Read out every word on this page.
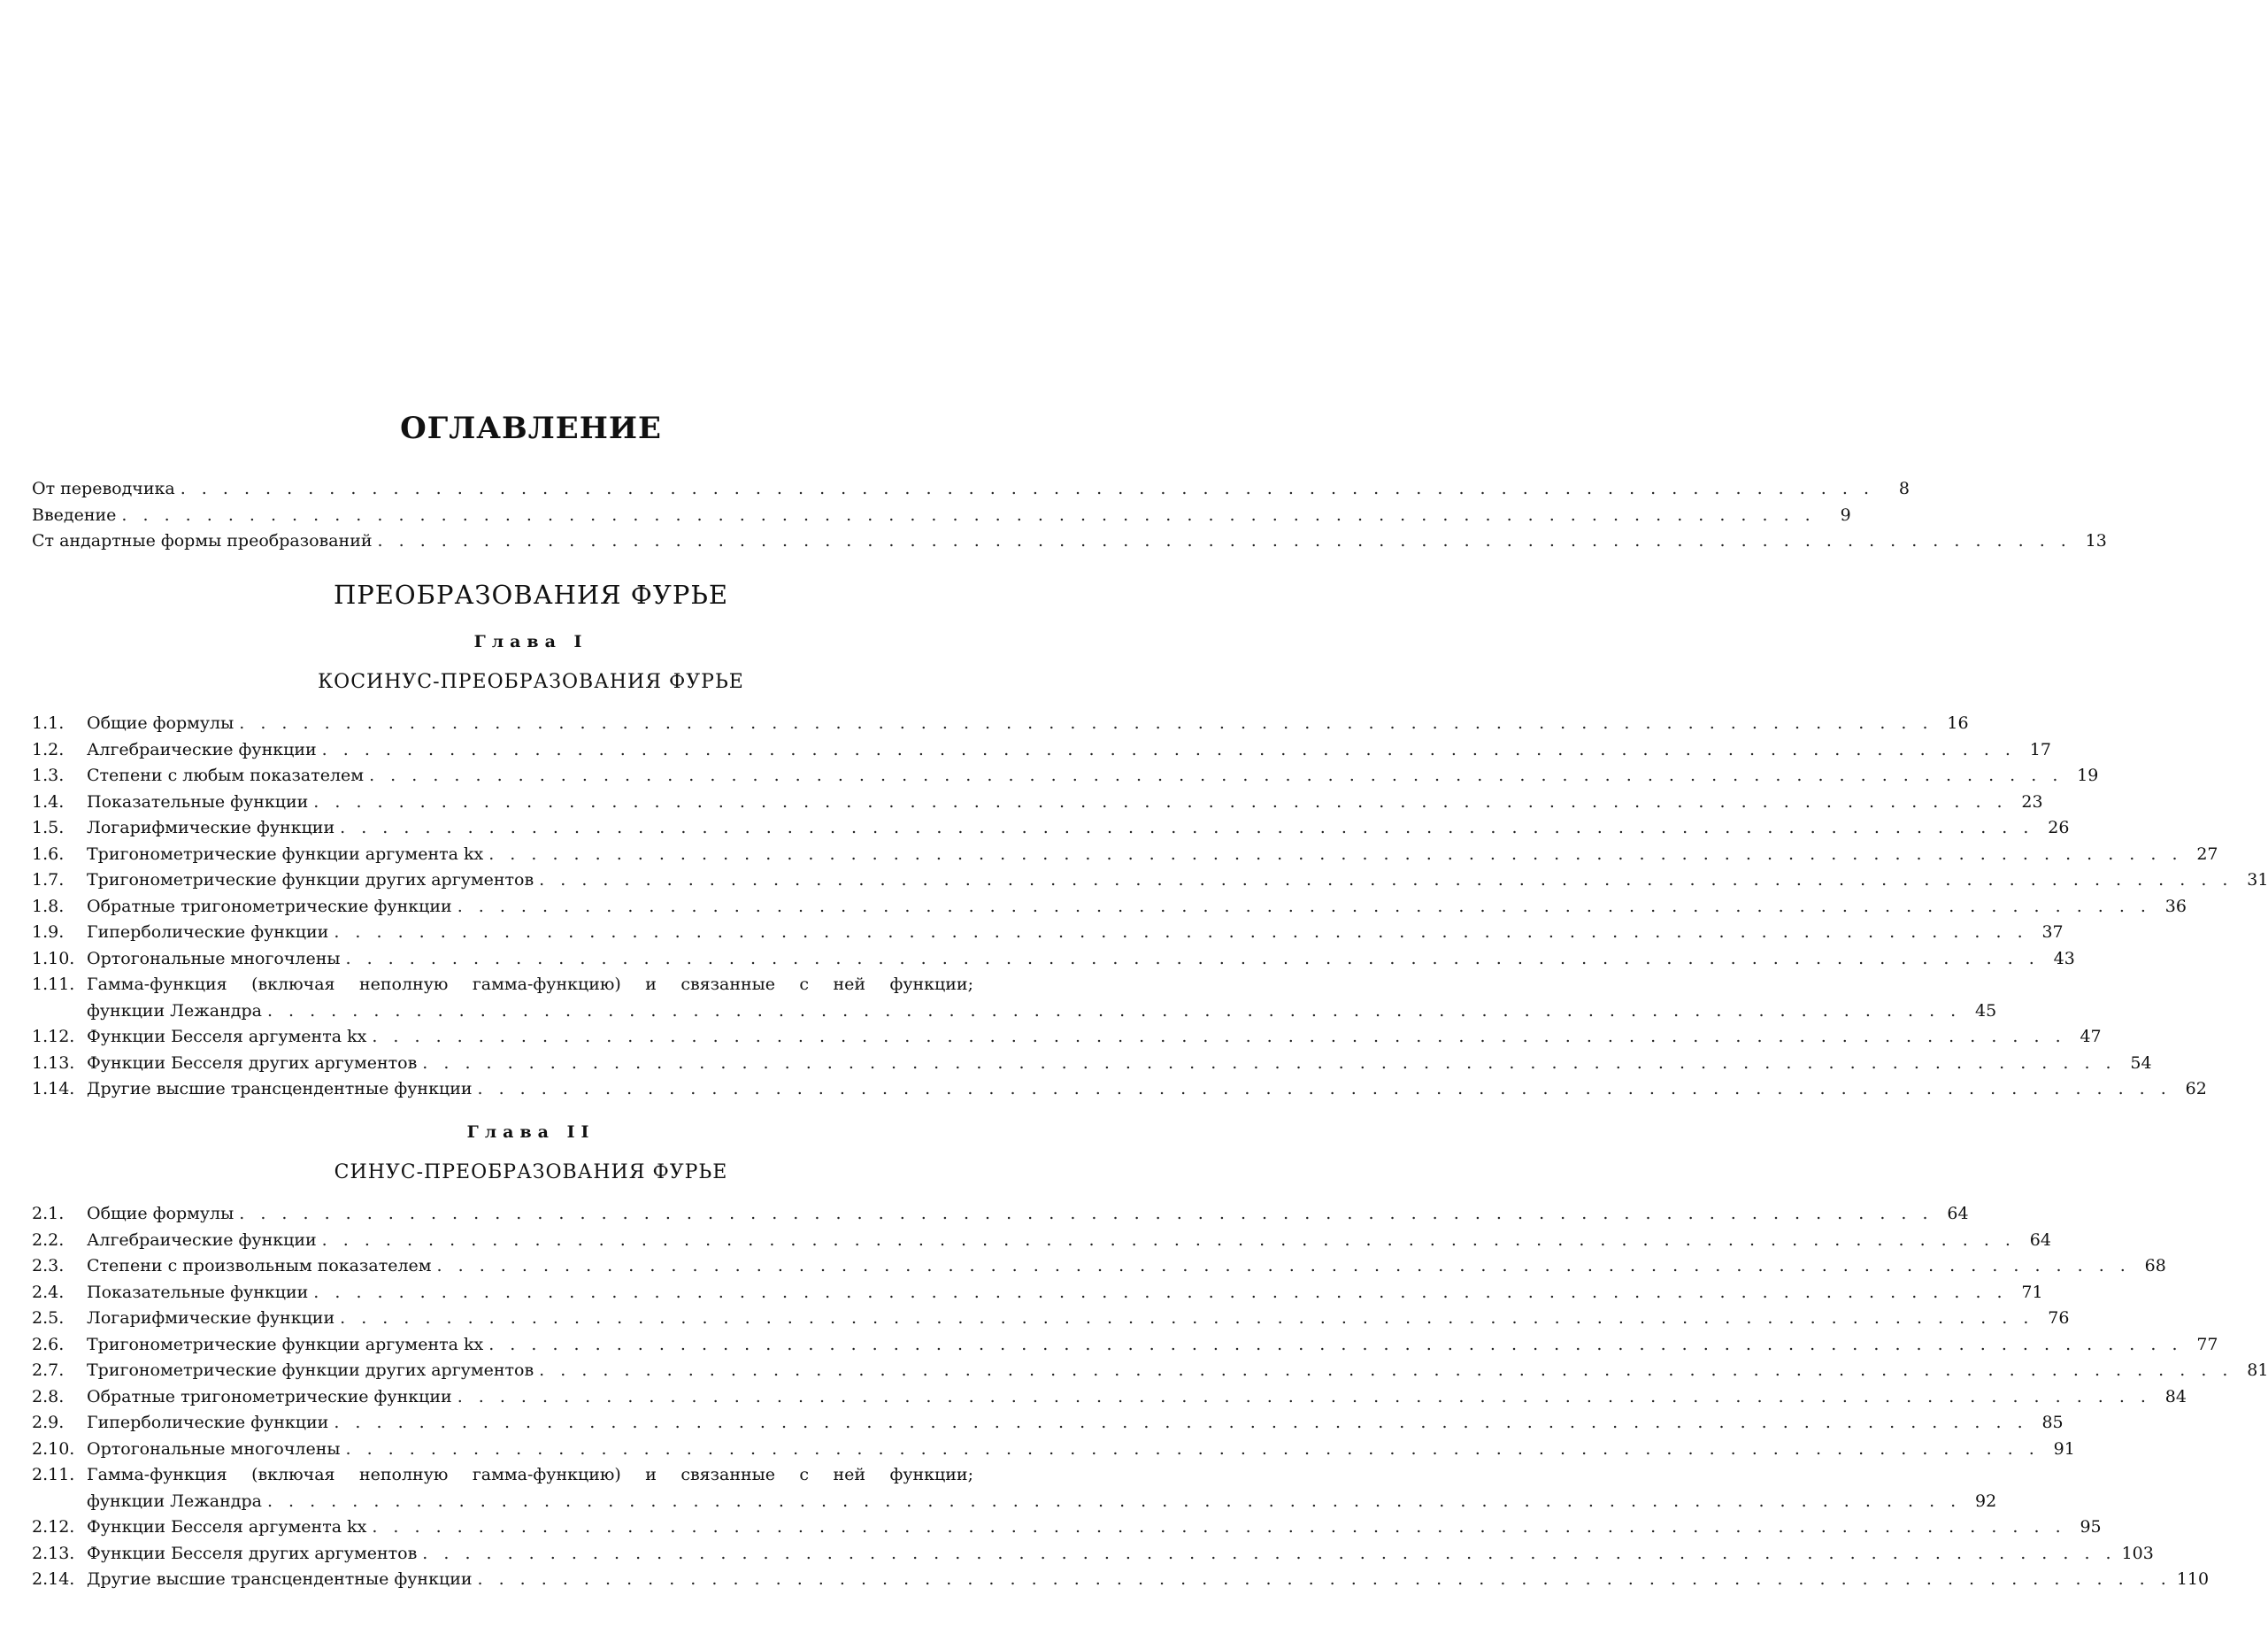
ОГЛАВЛЕНИЕ
От переводчика . . . . . . . . . . . . . . . . . . . . . . . . . . . . . . . . . . . . . . . . . . . . . . . . . . . . . . . . . . . . . . . . . . . . . . . . . . . . . . . .	8
Введение . . . . . . . . . . . . . . . . . . . . . . . . . . . . . . . . . . . . . . . . . . . . . . . . . . . . . . . . . . . . . . . . . . . . . . . . . . . . . . . .	9
Ст андартные формы преобразований . . . . . . . . . . . . . . . . . . . . . . . . . . . . . . . . . . . . . . . . . . . . . . . . . . . . . . . . . . . . . . . . . . . . . . . . . . . . . . . . 13
ПРЕОБРАЗОВАНИЯ ФУРЬЕ
Глава I
КОСИНУС-ПРЕОБРАЗОВАНИЯ ФУРЬЕ
1.1.	Общие формулы . . . . . . . . . . . . . . . . . . . . . . . . . . . . . . . . . . . . . . . . . . . . . . . . . . . . . . . . . . . . . . . . . . . . . . . . . . . . . . . . 16
1.2.	Алгебраические функции . . . . . . . . . . . . . . . . . . . . . . . . . . . . . . . . . . . . . . . . . . . . . . . . . . . . . . . . . . . . . . . . . . . . . . . . . . . . . . . . 17
1.3.	Степени с любым показателем . . . . . . . . . . . . . . . . . . . . . . . . . . . . . . . . . . . . . . . . . . . . . . . . . . . . . . . . . . . . . . . . . . . . . . . . . . . . . . . . 19
1.4.	Показательные функции . . . . . . . . . . . . . . . . . . . . . . . . . . . . . . . . . . . . . . . . . . . . . . . . . . . . . . . . . . . . . . . . . . . . . . . . . . . . . . . . 23
1.5.	Логарифмические функции . . . . . . . . . . . . . . . . . . . . . . . . . . . . . . . . . . . . . . . . . . . . . . . . . . . . . . . . . . . . . . . . . . . . . . . . . . . . . . . . 26
1.6.	Тригонометрические функции аргумента kx . . . . . . . . . . . . . . . . . . . . . . . . . . . . . . . . . . . . . . . . . . . . . . . . . . . . . . . . . . . . . . . . . . . . . . . . . . . . . . . . 27
1.7.	Тригонометрические функции других аргументов . . . . . . . . . . . . . . . . . . . . . . . . . . . . . . . . . . . . . . . . . . . . . . . . . . . . . . . . . . . . . . . . . . . . . . . . . . . . . . . . 31
1.8.	Обратные тригонометрические функции . . . . . . . . . . . . . . . . . . . . . . . . . . . . . . . . . . . . . . . . . . . . . . . . . . . . . . . . . . . . . . . . . . . . . . . . . . . . . . . . 36
1.9.	Гиперболические функции . . . . . . . . . . . . . . . . . . . . . . . . . . . . . . . . . . . . . . . . . . . . . . . . . . . . . . . . . . . . . . . . . . . . . . . . . . . . . . . . 37
1.10. Ортогональные многочлены . . . . . . . . . . . . . . . . . . . . . . . . . . . . . . . . . . . . . . . . . . . . . . . . . . . . . . . . . . . . . . . . . . . . . . . . . . . . . . . . 43
1.11. Гамма-функция (включая неполную гамма-функцию) и связанные с ней функции;
функции Лежандра . . . . . . . . . . . . . . . . . . . . . . . . . . . . . . . . . . . . . . . . . . . . . . . . . . . . . . . . . . . . . . . . . . . . . . . . . . . . . . . . 45
1.12. Функции Бесселя аргумента kx . . . . . . . . . . . . . . . . . . . . . . . . . . . . . . . . . . . . . . . . . . . . . . . . . . . . . . . . . . . . . . . . . . . . . . . . . . . . . . . . 47
1.13. Функции Бесселя других аргументов . . . . . . . . . . . . . . . . . . . . . . . . . . . . . . . . . . . . . . . . . . . . . . . . . . . . . . . . . . . . . . . . . . . . . . . . . . . . . . . . 54
1.14. Другие высшие трансцендентные функции . . . . . . . . . . . . . . . . . . . . . . . . . . . . . . . . . . . . . . . . . . . . . . . . . . . . . . . . . . . . . . . . . . . . . . . . . . . . . . . . 62
Глава II
СИНУС-ПРЕОБРАЗОВАНИЯ ФУРЬЕ
2.1.	Общие формулы . . . . . . . . . . . . . . . . . . . . . . . . . . . . . . . . . . . . . . . . . . . . . . . . . . . . . . . . . . . . . . . . . . . . . . . . . . . . . . . . 64
2.2.	Алгебраические функции . . . . . . . . . . . . . . . . . . . . . . . . . . . . . . . . . . . . . . . . . . . . . . . . . . . . . . . . . . . . . . . . . . . . . . . . . . . . . . . . 64
2.3.	Степени с произвольным показателем . . . . . . . . . . . . . . . . . . . . . . . . . . . . . . . . . . . . . . . . . . . . . . . . . . . . . . . . . . . . . . . . . . . . . . . . . . . . . . . . 68
2.4.	Показательные функции . . . . . . . . . . . . . . . . . . . . . . . . . . . . . . . . . . . . . . . . . . . . . . . . . . . . . . . . . . . . . . . . . . . . . . . . . . . . . . . . 71
2.5.	Логарифмические функции . . . . . . . . . . . . . . . . . . . . . . . . . . . . . . . . . . . . . . . . . . . . . . . . . . . . . . . . . . . . . . . . . . . . . . . . . . . . . . . . 76
2.6.	Тригонометрические функции аргумента kx . . . . . . . . . . . . . . . . . . . . . . . . . . . . . . . . . . . . . . . . . . . . . . . . . . . . . . . . . . . . . . . . . . . . . . . . . . . . . . . . 77
2.7.	Тригонометрические функции других аргументов . . . . . . . . . . . . . . . . . . . . . . . . . . . . . . . . . . . . . . . . . . . . . . . . . . . . . . . . . . . . . . . . . . . . . . . . . . . . . . . . 81
2.8.	Обратные тригонометрические функции . . . . . . . . . . . . . . . . . . . . . . . . . . . . . . . . . . . . . . . . . . . . . . . . . . . . . . . . . . . . . . . . . . . . . . . . . . . . . . . . 84
2.9.	Гиперболические функции . . . . . . . . . . . . . . . . . . . . . . . . . . . . . . . . . . . . . . . . . . . . . . . . . . . . . . . . . . . . . . . . . . . . . . . . . . . . . . . . 85
2.10. Ортогональные многочлены . . . . . . . . . . . . . . . . . . . . . . . . . . . . . . . . . . . . . . . . . . . . . . . . . . . . . . . . . . . . . . . . . . . . . . . . . . . . . . . . 91
2.11. Гамма-функция (включая неполную гамма-функцию) и связанные с ней функции;
функции Лежандра . . . . . . . . . . . . . . . . . . . . . . . . . . . . . . . . . . . . . . . . . . . . . . . . . . . . . . . . . . . . . . . . . . . . . . . . . . . . . . . . 92
2.12. Функции Бесселя аргумента kx . . . . . . . . . . . . . . . . . . . . . . . . . . . . . . . . . . . . . . . . . . . . . . . . . . . . . . . . . . . . . . . . . . . . . . . . . . . . . . . . 95
2.13. Функции Бесселя других аргументов . . . . . . . . . . . . . . . . . . . . . . . . . . . . . . . . . . . . . . . . . . . . . . . . . . . . . . . . . . . . . . . . . . . . . . . . . . . . . . . . 103
2.14. Другие высшие трансцендентные функции . . . . . . . . . . . . . . . . . . . . . . . . . . . . . . . . . . . . . . . . . . . . . . . . . . . . . . . . . . . . . . . . . . . . . . . . . . . . . . . . 110
